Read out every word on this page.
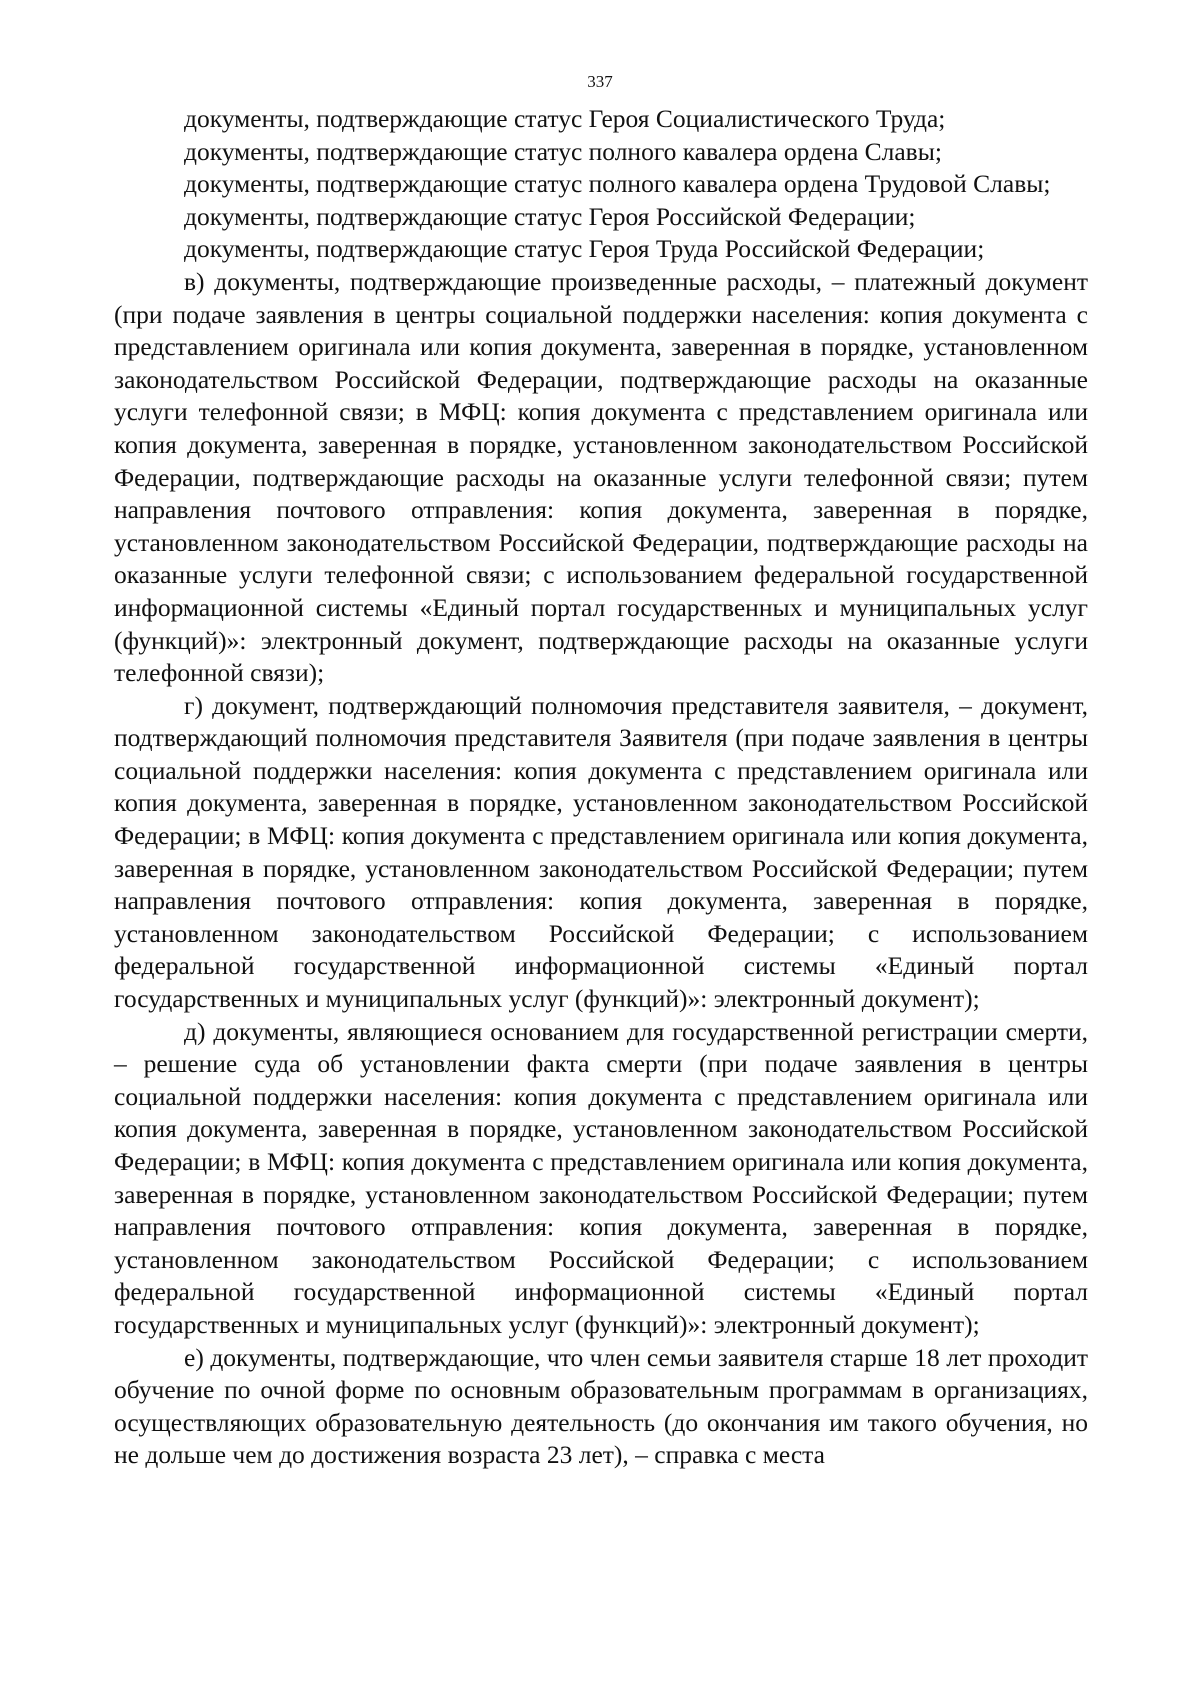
337

документы, подтверждающие статус Героя Социалистического Труда;

документы, подтверждающие статус полного кавалера ордена Славы;

документы, подтверждающие статус полного кавалера ордена Трудовой Славы;

документы, подтверждающие статус Героя Российской Федерации;

документы, подтверждающие статус Героя Труда Российской Федерации;

в) документы, подтверждающие произведенные расходы, – платежный документ (при подаче заявления в центры социальной поддержки населения: копия документа с представлением оригинала или копия документа, заверенная в порядке, установленном законодательством Российской Федерации, подтверждающие расходы на оказанные услуги телефонной связи; в МФЦ: копия документа с представлением оригинала или копия документа, заверенная в порядке, установленном законодательством Российской Федерации, подтверждающие расходы на оказанные услуги телефонной связи; путем направления почтового отправления: копия документа, заверенная в порядке, установленном законодательством Российской Федерации, подтверждающие расходы на оказанные услуги телефонной связи; с использованием федеральной государственной информационной системы «Единый портал государственных и муниципальных услуг (функций)»: электронный документ, подтверждающие расходы на оказанные услуги телефонной связи);

г) документ, подтверждающий полномочия представителя заявителя, – документ, подтверждающий полномочия представителя Заявителя (при подаче заявления в центры социальной поддержки населения: копия документа с представлением оригинала или копия документа, заверенная в порядке, установленном законодательством Российской Федерации; в МФЦ: копия документа с представлением оригинала или копия документа, заверенная в порядке, установленном законодательством Российской Федерации; путем направления почтового отправления: копия документа, заверенная в порядке, установленном законодательством Российской Федерации; с использованием федеральной государственной информационной системы «Единый портал государственных и муниципальных услуг (функций)»: электронный документ);

д) документы, являющиеся основанием для государственной регистрации смерти, – решение суда об установлении факта смерти (при подаче заявления в центры социальной поддержки населения: копия документа с представлением оригинала или копия документа, заверенная в порядке, установленном законодательством Российской Федерации; в МФЦ: копия документа с представлением оригинала или копия документа, заверенная в порядке, установленном законодательством Российской Федерации; путем направления почтового отправления: копия документа, заверенная в порядке, установленном законодательством Российской Федерации; с использованием федеральной государственной информационной системы «Единый портал государственных и муниципальных услуг (функций)»: электронный документ);

е) документы, подтверждающие, что член семьи заявителя старше 18 лет проходит обучение по очной форме по основным образовательным программам в организациях, осуществляющих образовательную деятельность (до окончания им такого обучения, но не дольше чем до достижения возраста 23 лет), – справка с места
